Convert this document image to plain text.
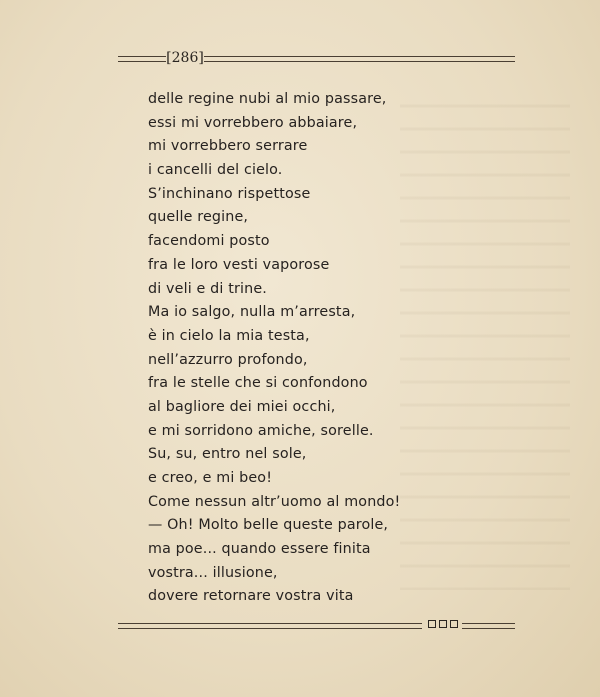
[286]
delle regine nubi al mio passare,
essi mi vorrebbero abbaiare,
mi vorrebbero serrare
i cancelli del cielo.
S’inchinano rispettose
quelle regine,
facendomi posto
fra le loro vesti vaporose
di veli e di trine.
Ma io salgo, nulla m’arresta,
è in cielo la mia testa,
nell’azzurro profondo,
fra le stelle che si confondono
al bagliore dei miei occhi,
e mi sorridono amiche, sorelle.
Su, su, entro nel sole,
e creo, e mi beo!
Come nessun altr’uomo al mondo!
— Oh! Molto belle queste parole,
ma poe... quando essere finita
vostra... illusione,
dovere retornare vostra vita
